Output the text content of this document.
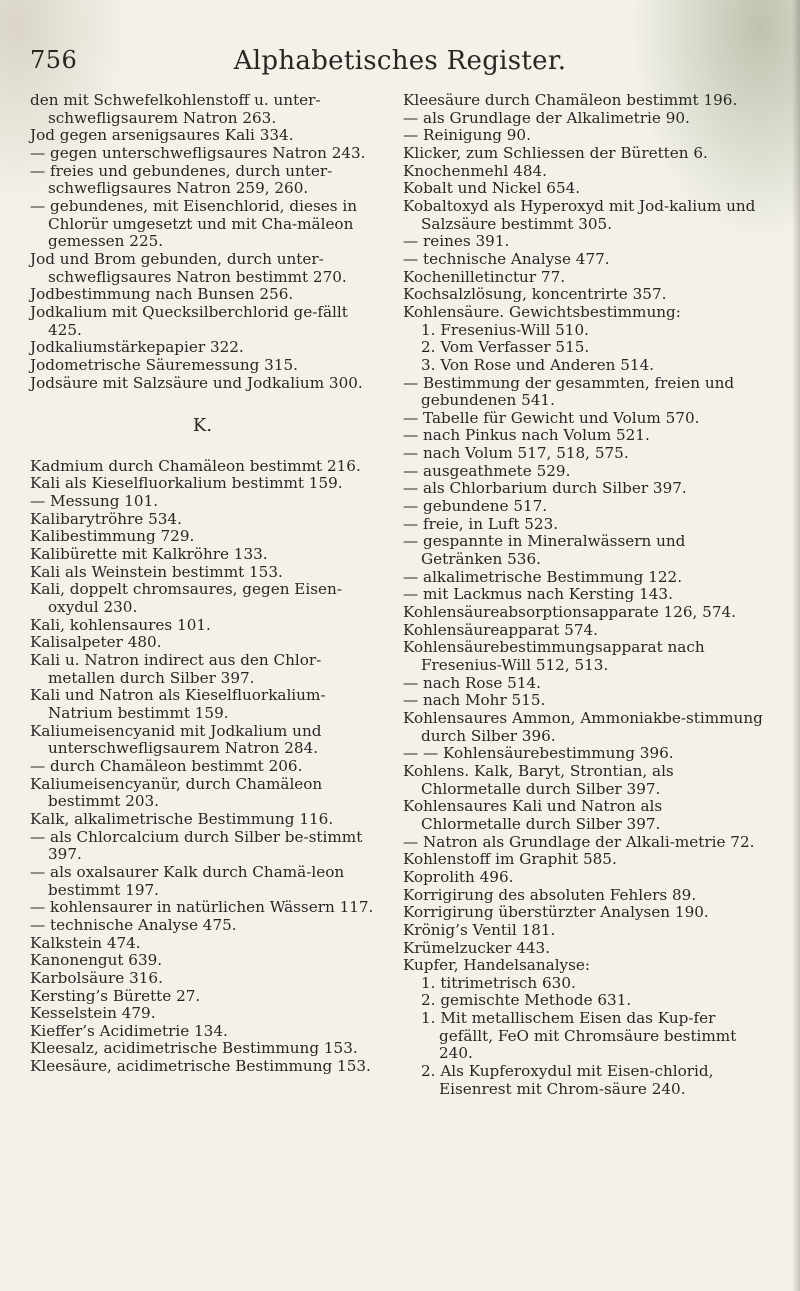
756	Alphabetisches Register.

den mit Schwefelkohlenstoff u. unter-schwefligsaurem Natron 263.

Jod gegen arsenigsaures Kali 334.

— gegen unterschwefligsaures Natron 243.

— freies und gebundenes, durch unter-schwefligsaures Natron 259, 260.

— gebundenes, mit Eisenchlorid, dieses in Chlorür umgesetzt und mit Cha-mäleon gemessen 225.

Jod und Brom gebunden, durch unter-schwefligsaures Natron bestimmt 270.

Jodbestimmung nach Bunsen 256.

Jodkalium mit Quecksilberchlorid ge-fällt 425.

Jodkaliumstärkepapier 322.

Jodometrische Säuremessung 315.

Jodsäure mit Salzsäure und Jodkalium 300.

K.

Kadmium durch Chamäleon bestimmt 216.

Kali als Kieselfluorkalium bestimmt 159.

— Messung 101.

Kalibarytröhre 534.

Kalibestimmung 729.

Kalibürette mit Kalkröhre 133.

Kali als Weinstein bestimmt 153.

Kali, doppelt chromsaures, gegen Eisen-oxydul 230.

Kali, kohlensaures 101.

Kalisalpeter 480.

Kali u. Natron indirect aus den Chlor-metallen durch Silber 397.

Kali und Natron als Kieselfluorkalium-Natrium bestimmt 159.

Kaliumeisencyanid mit Jodkalium und unterschwefligsaurem Natron 284.

— durch Chamäleon bestimmt 206.

Kaliumeisencyanür, durch Chamäleon bestimmt 203.

Kalk, alkalimetrische Bestimmung 116.

— als Chlorcalcium durch Silber be-stimmt 397.

— als oxalsaurer Kalk durch Chamä-leon bestimmt 197.

— kohlensaurer in natürlichen Wässern 117.

— technische Analyse 475.

Kalkstein 474.

Kanonengut 639.

Karbolsäure 316.

Kersting’s Bürette 27.

Kesselstein 479.

Kieffer’s Acidimetrie 134.

Kleesalz, acidimetrische Bestimmung 153.

Kleesäure, acidimetrische Bestimmung 153.

Kleesäure durch Chamäleon bestimmt 196.

— als Grundlage der Alkalimetrie 90.

— Reinigung 90.

Klicker, zum Schliessen der Büretten 6.

Knochenmehl 484.

Kobalt und Nickel 654.

Kobaltoxyd als Hyperoxyd mit Jod-kalium und Salzsäure bestimmt 305.

— reines 391.

— technische Analyse 477.

Kochenilletinctur 77.

Kochsalzlösung, koncentrirte 357.

Kohlensäure. Gewichtsbestimmung:

1. Fresenius-Will 510.

2. Vom Verfasser 515.

3. Von Rose und Anderen 514.

— Bestimmung der gesammten, freien und gebundenen 541.

— Tabelle für Gewicht und Volum 570.

— nach Pinkus nach Volum 521.

— nach Volum 517, 518, 575.

— ausgeathmete 529.

— als Chlorbarium durch Silber 397.

— gebundene 517.

— freie, in Luft 523.

— gespannte in Mineralwässern und Getränken 536.

— alkalimetrische Bestimmung 122.

— mit Lackmus nach Kersting 143.

Kohlensäureabsorptionsapparate 126, 574.

Kohlensäureapparat 574.

Kohlensäurebestimmungsapparat nach Fresenius-Will 512, 513.

— nach Rose 514.

— nach Mohr 515.

Kohlensaures Ammon, Ammoniakbe-stimmung durch Silber 396.

— — Kohlensäurebestimmung 396.

Kohlens. Kalk, Baryt, Strontian, als Chlormetalle durch Silber 397.

Kohlensaures Kali und Natron als Chlormetalle durch Silber 397.

— Natron als Grundlage der Alkali-metrie 72.

Kohlenstoff im Graphit 585.

Koprolith 496.

Korrigirung des absoluten Fehlers 89.

Korrigirung überstürzter Analysen 190.

Krönig’s Ventil 181.

Krümelzucker 443.

Kupfer, Handelsanalyse:

1. titrimetrisch 630.

2. gemischte Methode 631.

1. Mit metallischem Eisen das Kup-fer gefällt, FeO mit Chromsäure bestimmt 240.

2. Als Kupferoxydul mit Eisen-chlorid, Eisenrest mit Chrom-säure 240.
